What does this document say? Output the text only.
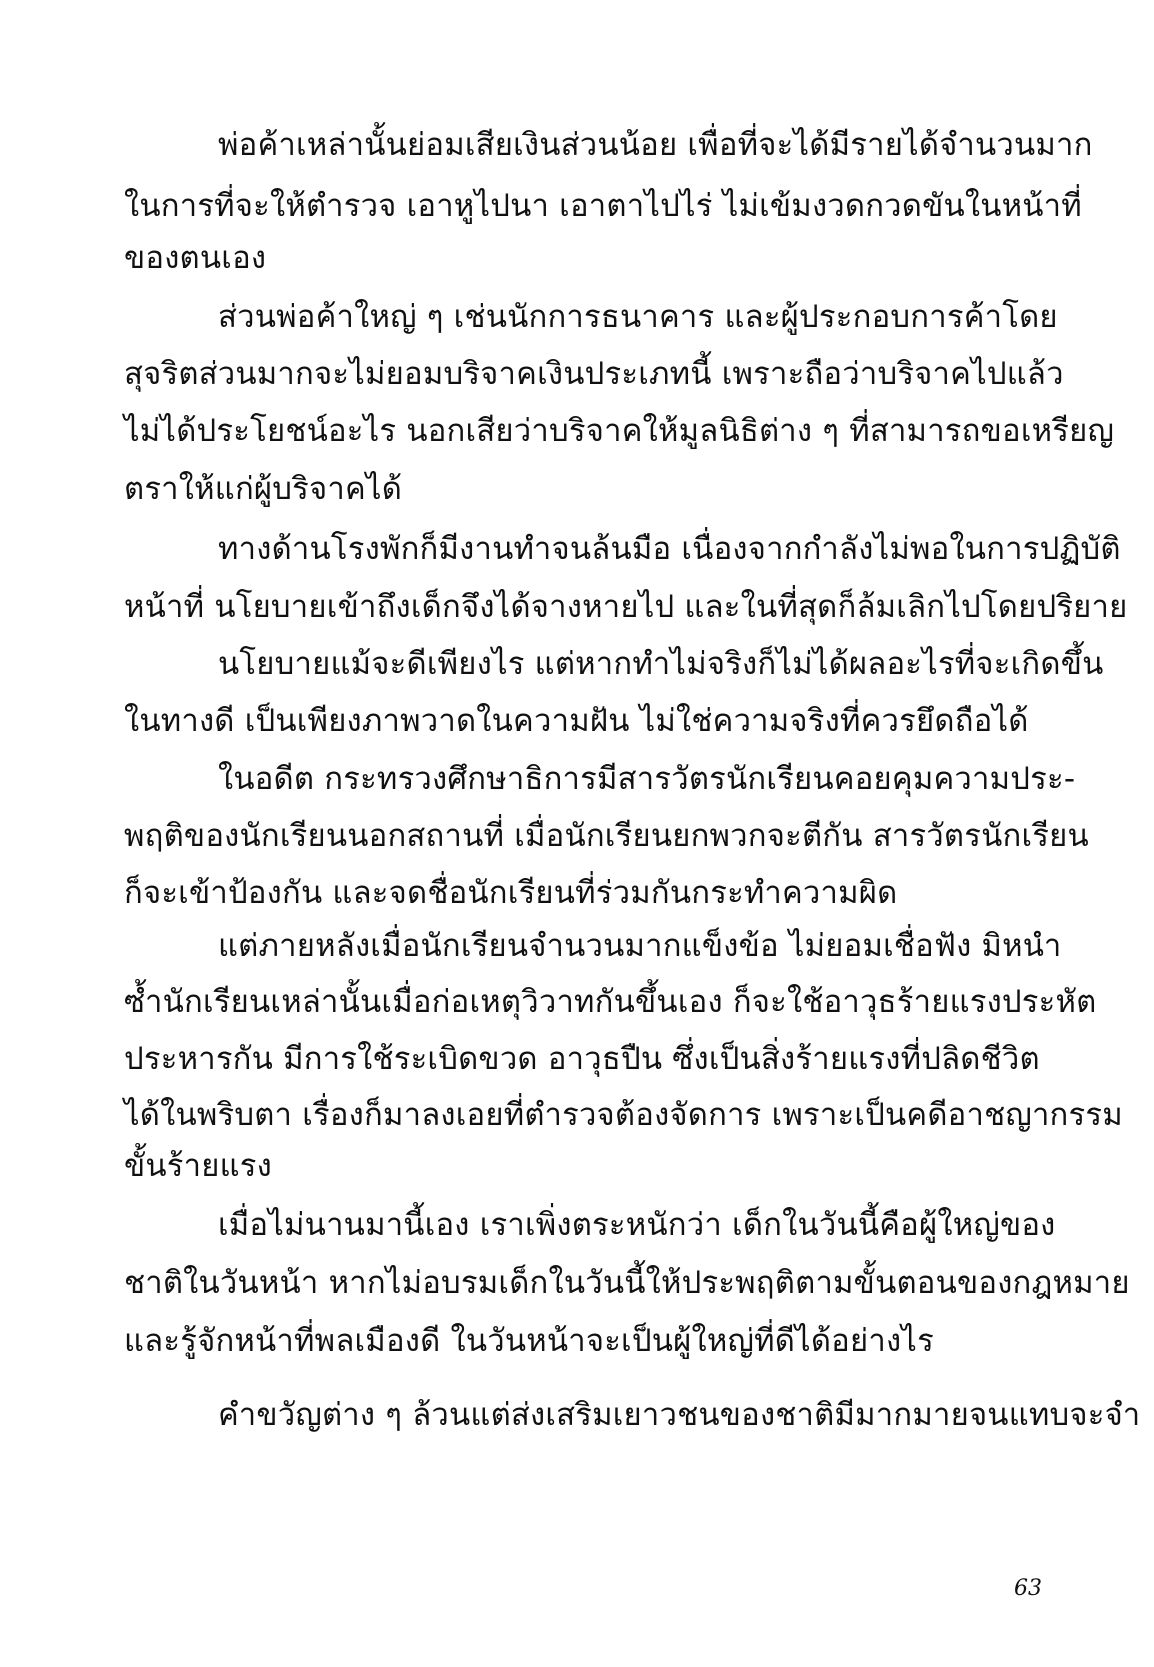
พ่อค้าเหล่านั้นย่อมเสียเงินส่วนน้อย เพื่อที่จะได้มีรายได้จำนวนมาก
ในการที่จะให้ตำรวจ เอาหูไปนา เอาตาไปไร่ ไม่เข้มงวดกวดขันในหน้าที่
ของตนเอง
ส่วนพ่อค้าใหญ่ ๆ เช่นนักการธนาคาร และผู้ประกอบการค้าโดย
สุจริตส่วนมากจะไม่ยอมบริจาคเงินประเภทนี้ เพราะถือว่าบริจาคไปแล้ว
ไม่ได้ประโยชน์อะไร นอกเสียว่าบริจาคให้มูลนิธิต่าง ๆ ที่สามารถขอเหรียญ
ตราให้แก่ผู้บริจาคได้
ทางด้านโรงพักก็มีงานทำจนล้นมือ เนื่องจากกำลังไม่พอในการปฏิบัติ
หน้าที่ นโยบายเข้าถึงเด็กจึงได้จางหายไป และในที่สุดก็ล้มเลิกไปโดยปริยาย
นโยบายแม้จะดีเพียงไร แต่หากทำไม่จริงก็ไม่ได้ผลอะไรที่จะเกิดขึ้น
ในทางดี เป็นเพียงภาพวาดในความฝัน ไม่ใช่ความจริงที่ควรยึดถือได้
ในอดีต กระทรวงศึกษาธิการมีสารวัตรนักเรียนคอยคุมความประ-
พฤติของนักเรียนนอกสถานที่ เมื่อนักเรียนยกพวกจะตีกัน สารวัตรนักเรียน
ก็จะเข้าป้องกัน และจดชื่อนักเรียนที่ร่วมกันกระทำความผิด
แต่ภายหลังเมื่อนักเรียนจำนวนมากแข็งข้อ ไม่ยอมเชื่อฟัง มิหนำ
ซ้ำนักเรียนเหล่านั้นเมื่อก่อเหตุวิวาทกันขึ้นเอง ก็จะใช้อาวุธร้ายแรงประหัต
ประหารกัน มีการใช้ระเบิดขวด อาวุธปืน ซึ่งเป็นสิ่งร้ายแรงที่ปลิดชีวิต
ได้ในพริบตา เรื่องก็มาลงเอยที่ตำรวจต้องจัดการ เพราะเป็นคดีอาชญากรรม
ขั้นร้ายแรง
เมื่อไม่นานมานี้เอง เราเพิ่งตระหนักว่า เด็กในวันนี้คือผู้ใหญ่ของ
ชาติในวันหน้า หากไม่อบรมเด็กในวันนี้ให้ประพฤติตามขั้นตอนของกฎหมาย
และรู้จักหน้าที่พลเมืองดี ในวันหน้าจะเป็นผู้ใหญ่ที่ดีได้อย่างไร
คำขวัญต่าง ๆ ล้วนแต่ส่งเสริมเยาวชนของชาติมีมากมายจนแทบจะจำ
63
